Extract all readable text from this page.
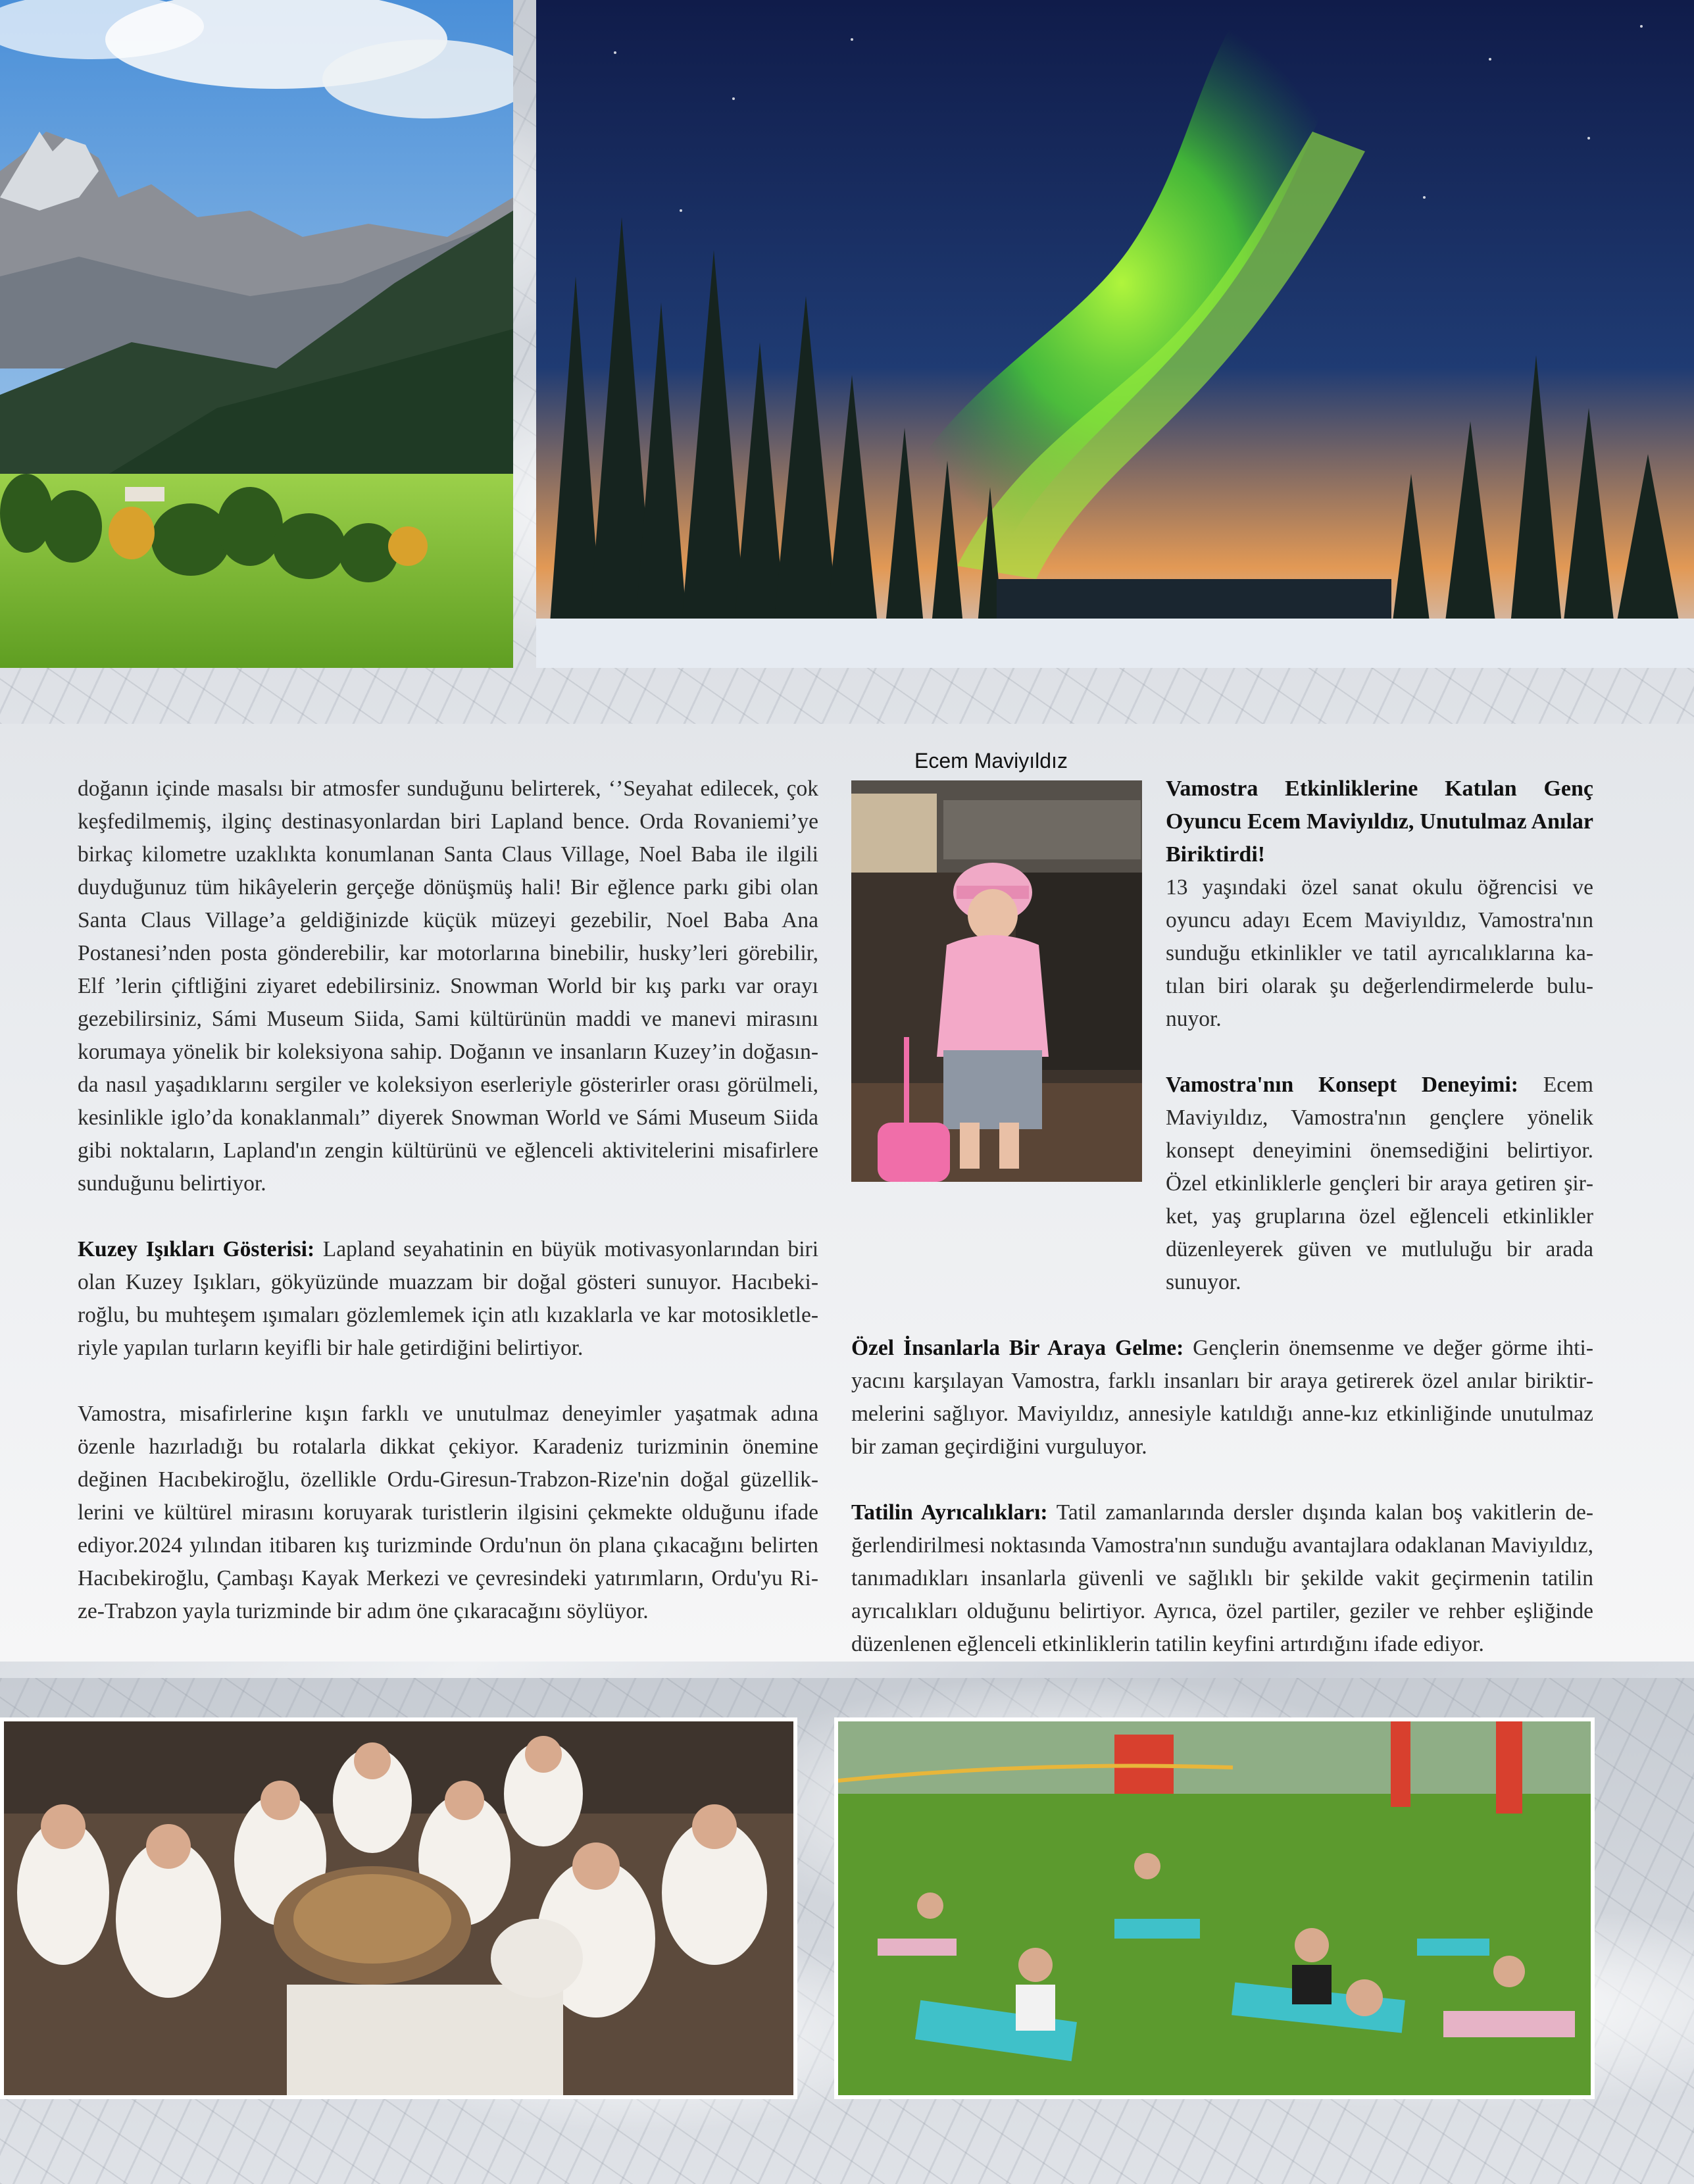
doğanın içinde masalsı bir atmosfer sunduğunu belirterek, ‘’Seyahat edilecek, çok keşfedilmemiş, ilginç destinasyonlardan biri Lapland bence. Orda Rovaniemi’ye birkaç kilometre uzaklıkta konumlanan Santa Claus Village, Noel Baba ile ilgili duyduğunuz tüm hikâyelerin gerçeğe dönüşmüş hali! Bir eğlence parkı gibi olan Santa Claus Village’a geldiğinizde küçük müzeyi gezebilir, Noel Baba Ana Postanesi’nden posta gönderebilir, kar motorlarına binebilir, husky’leri görebilir, Elf ’lerin çiftliğini ziyaret edebilirsiniz. Snowman World bir kış parkı var orayı gezebilirsiniz, Sámi Museum Siida, Sami kültürünün maddi ve manevi mirasını korumaya yönelik bir koleksiyona sahip. Doğanın ve insanların Kuzey’in doğasında nasıl yaşadıklarını sergiler ve koleksiyon eserleriyle gösterirler orası görülmeli, kesinlikle iglo’da konaklanmalı” diyerek Snowman World ve Sámi Museum Siida gibi noktaların, Lapland'ın zengin kültürünü ve eğlenceli aktivitelerini misafirlere sunduğunu belirtiyor.

Kuzey Işıkları Gösterisi: Lapland seyahatinin en büyük motivasyonlarından biri olan Kuzey Işıkları, gökyüzünde muazzam bir doğal gösteri sunuyor. Hacıbekiroğlu, bu muhteşem ışımaları gözlemlemek için atlı kızaklarla ve kar motosikletleriyle yapılan turların keyifli bir hale getirdiğini belirtiyor.

Vamostra, misafirlerine kışın farklı ve unutulmaz deneyimler yaşatmak adına özenle hazırladığı bu rotalarla dikkat çekiyor. Karadeniz turizminin önemine değinen Hacıbekiroğlu, özellikle Ordu-Giresun-Trabzon-Rize'nin doğal güzelliklerini ve kültürel mirasını koruyarak turistlerin ilgisini çekmekte olduğunu ifade ediyor.2024 yılından itibaren kış turizminde Ordu'nun ön plana çıkacağını belirten Hacıbekiroğlu, Çambaşı Kayak Merkezi ve çevresindeki yatırımların, Ordu'yu Rize-Trabzon yayla turizminde bir adım öne çıkaracağını söylüyor.

Ecem Maviyıldız

Vamostra Etkinliklerine Katılan Genç Oyuncu Ecem Maviyıldız, Unutulmaz Anılar Biriktirdi!

13 yaşındaki özel sanat okulu öğrencisi ve oyuncu adayı Ecem Maviyıldız, Vamostra'nın sunduğu etkinlikler ve tatil ayrıcalıklarına katılan biri olarak şu değerlendirmelerde bulunuyor.

Vamostra'nın Konsept Deneyimi: Ecem Maviyıldız, Vamostra'nın gençlere yönelik konsept deneyimini önemsediğini belirtiyor. Özel etkinliklerle gençleri bir araya getiren şirket, yaş gruplarına özel eğlenceli etkinlikler düzenleyerek güven ve mutluluğu bir arada sunuyor.

Özel İnsanlarla Bir Araya Gelme: Gençlerin önemsenme ve değer görme ihtiyacını karşılayan Vamostra, farklı insanları bir araya getirerek özel anılar biriktirmelerini sağlıyor. Maviyıldız, annesiyle katıldığı anne-kız etkinliğinde unutulmaz bir zaman geçirdiğini vurguluyor.

Tatilin Ayrıcalıkları: Tatil zamanlarında dersler dışında kalan boş vakitlerin değerlendirilmesi noktasında Vamostra'nın sunduğu avantajlara odaklanan Maviyıldız, tanımadıkları insanlarla güvenli ve sağlıklı bir şekilde vakit geçirmenin tatilin ayrıcalıkları olduğunu belirtiyor. Ayrıca, özel partiler, geziler ve rehber eşliğinde düzenlenen eğlenceli etkinliklerin tatilin keyfini artırdığını ifade ediyor.
